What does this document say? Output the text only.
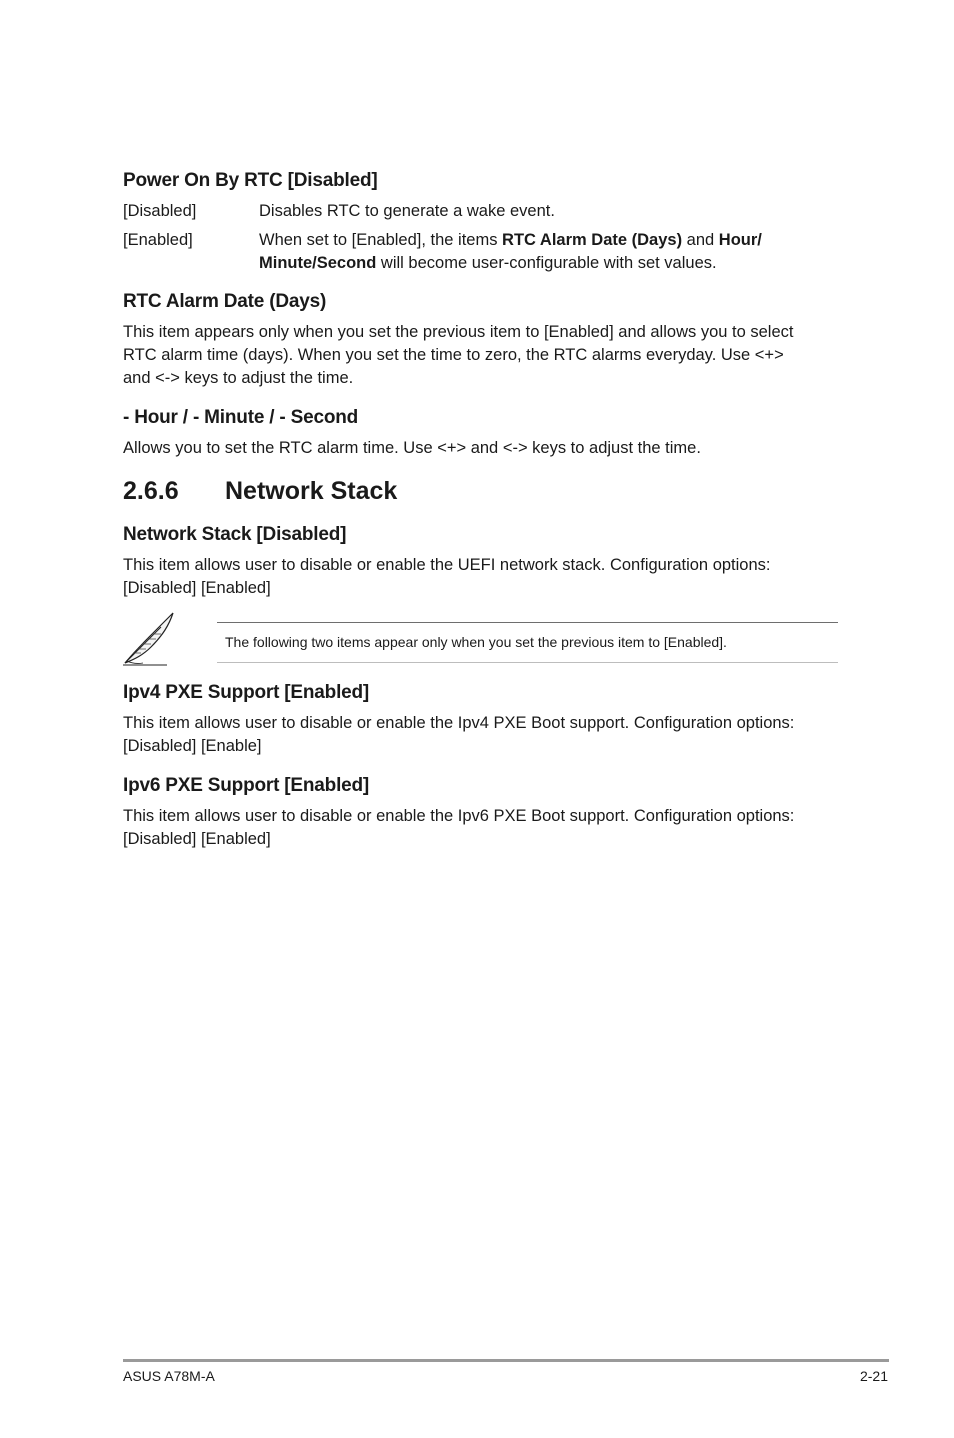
Power On By RTC [Disabled]
[Disabled]	Disables RTC to generate a wake event.
[Enabled]	When set to [Enabled], the items RTC Alarm Date (Days) and Hour/
Minute/Second will become user-configurable with set values.
RTC Alarm Date (Days)
This item appears only when you set the previous item to [Enabled] and allows you to select
RTC alarm time (days). When you set the time to zero, the RTC alarms everyday. Use <+>
and <-> keys to adjust the time.
- Hour / - Minute / - Second
Allows you to set the RTC alarm time. Use <+> and <-> keys to adjust the time.
2.6.6 Network Stack
Network Stack [Disabled]
This item allows user to disable or enable the UEFI network stack. Configuration options:
[Disabled] [Enabled]
The following two items appear only when you set the previous item to [Enabled].
Ipv4 PXE Support [Enabled]
This item allows user to disable or enable the Ipv4 PXE Boot support. Configuration options:
[Disabled] [Enable]
Ipv6 PXE Support [Enabled]
This item allows user to disable or enable the Ipv6 PXE Boot support. Configuration options:
[Disabled] [Enabled]
ASUS A78M-A	2-21
